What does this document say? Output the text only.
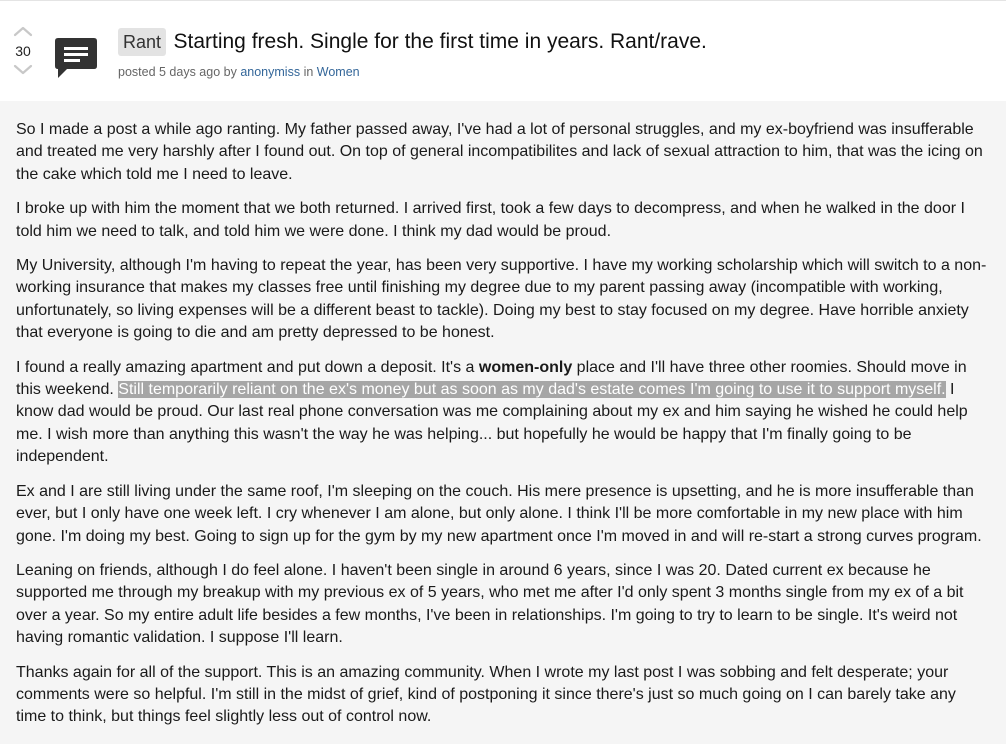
30	Rant Starting fresh. Single for the first time in years. Rant/rave.
posted 5 days ago by anonymiss in Women

So I made a post a while ago ranting. My father passed away, I've had a lot of personal struggles, and my ex-boyfriend was insufferable and treated me very harshly after I found out. On top of general incompatibilites and lack of sexual attraction to him, that was the icing on the cake which told me I need to leave.

I broke up with him the moment that we both returned. I arrived first, took a few days to decompress, and when he walked in the door I told him we need to talk, and told him we were done. I think my dad would be proud.

My University, although I'm having to repeat the year, has been very supportive. I have my working scholarship which will switch to a non-working insurance that makes my classes free until finishing my degree due to my parent passing away (incompatible with working, unfortunately, so living expenses will be a different beast to tackle). Doing my best to stay focused on my degree. Have horrible anxiety that everyone is going to die and am pretty depressed to be honest.

I found a really amazing apartment and put down a deposit. It's a women-only place and I'll have three other roomies. Should move in this weekend. Still temporarily reliant on the ex's money but as soon as my dad's estate comes I'm going to use it to support myself. I know dad would be proud. Our last real phone conversation was me complaining about my ex and him saying he wished he could help me. I wish more than anything this wasn't the way he was helping... but hopefully he would be happy that I'm finally going to be independent.

Ex and I are still living under the same roof, I'm sleeping on the couch. His mere presence is upsetting, and he is more insufferable than ever, but I only have one week left. I cry whenever I am alone, but only alone. I think I'll be more comfortable in my new place with him gone. I'm doing my best. Going to sign up for the gym by my new apartment once I'm moved in and will re-start a strong curves program.

Leaning on friends, although I do feel alone. I haven't been single in around 6 years, since I was 20. Dated current ex because he supported me through my breakup with my previous ex of 5 years, who met me after I'd only spent 3 months single from my ex of a bit over a year. So my entire adult life besides a few months, I've been in relationships. I'm going to try to learn to be single. It's weird not having romantic validation. I suppose I'll learn.

Thanks again for all of the support. This is an amazing community. When I wrote my last post I was sobbing and felt desperate; your comments were so helpful. I'm still in the midst of grief, kind of postponing it since there's just so much going on I can barely take any time to think, but things feel slightly less out of control now.
